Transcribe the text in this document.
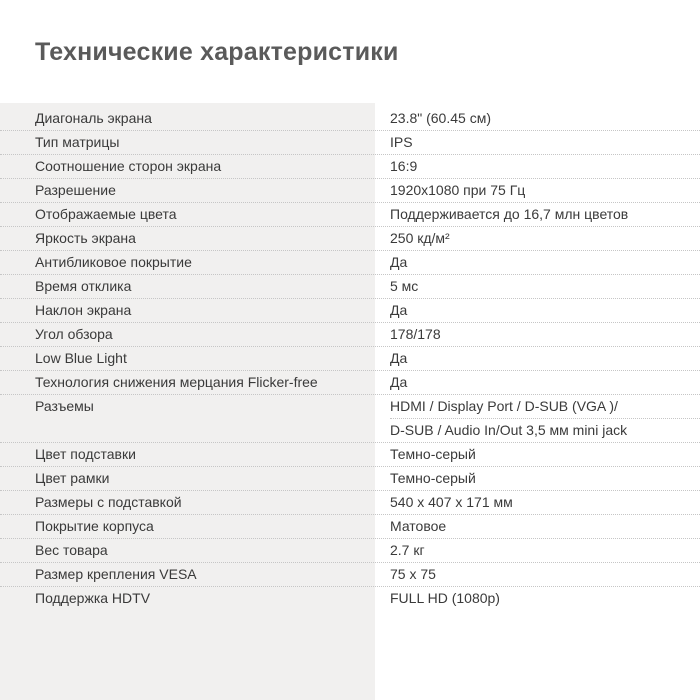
Технические характеристики
Диагональ экрана	23.8" (60.45 см)
Тип матрицы	IPS
Соотношение сторон экрана	16:9
Разрешение	1920x1080 при 75 Гц
Отображаемые цвета	Поддерживается до 16,7 млн цветов
Яркость экрана	250 кд/м²
Антибликовое покрытие	Да
Время отклика	5 мс
Наклон экрана	Да
Угол обзора	178/178
Low Blue Light	Да
Технология снижения мерцания Flicker-free	Да
Разъемы	HDMI / Display Port / D-SUB (VGA )/
D-SUB / Audio In/Out 3,5 мм mini jack
Цвет подставки	Темно-серый
Цвет рамки	Темно-серый
Размеры с подставкой	540 x 407 x 171 мм
Покрытие корпуса	Матовое
Вес товара	2.7 кг
Размер крепления VESA	75 x 75
Поддержка HDTV	FULL HD (1080p)
